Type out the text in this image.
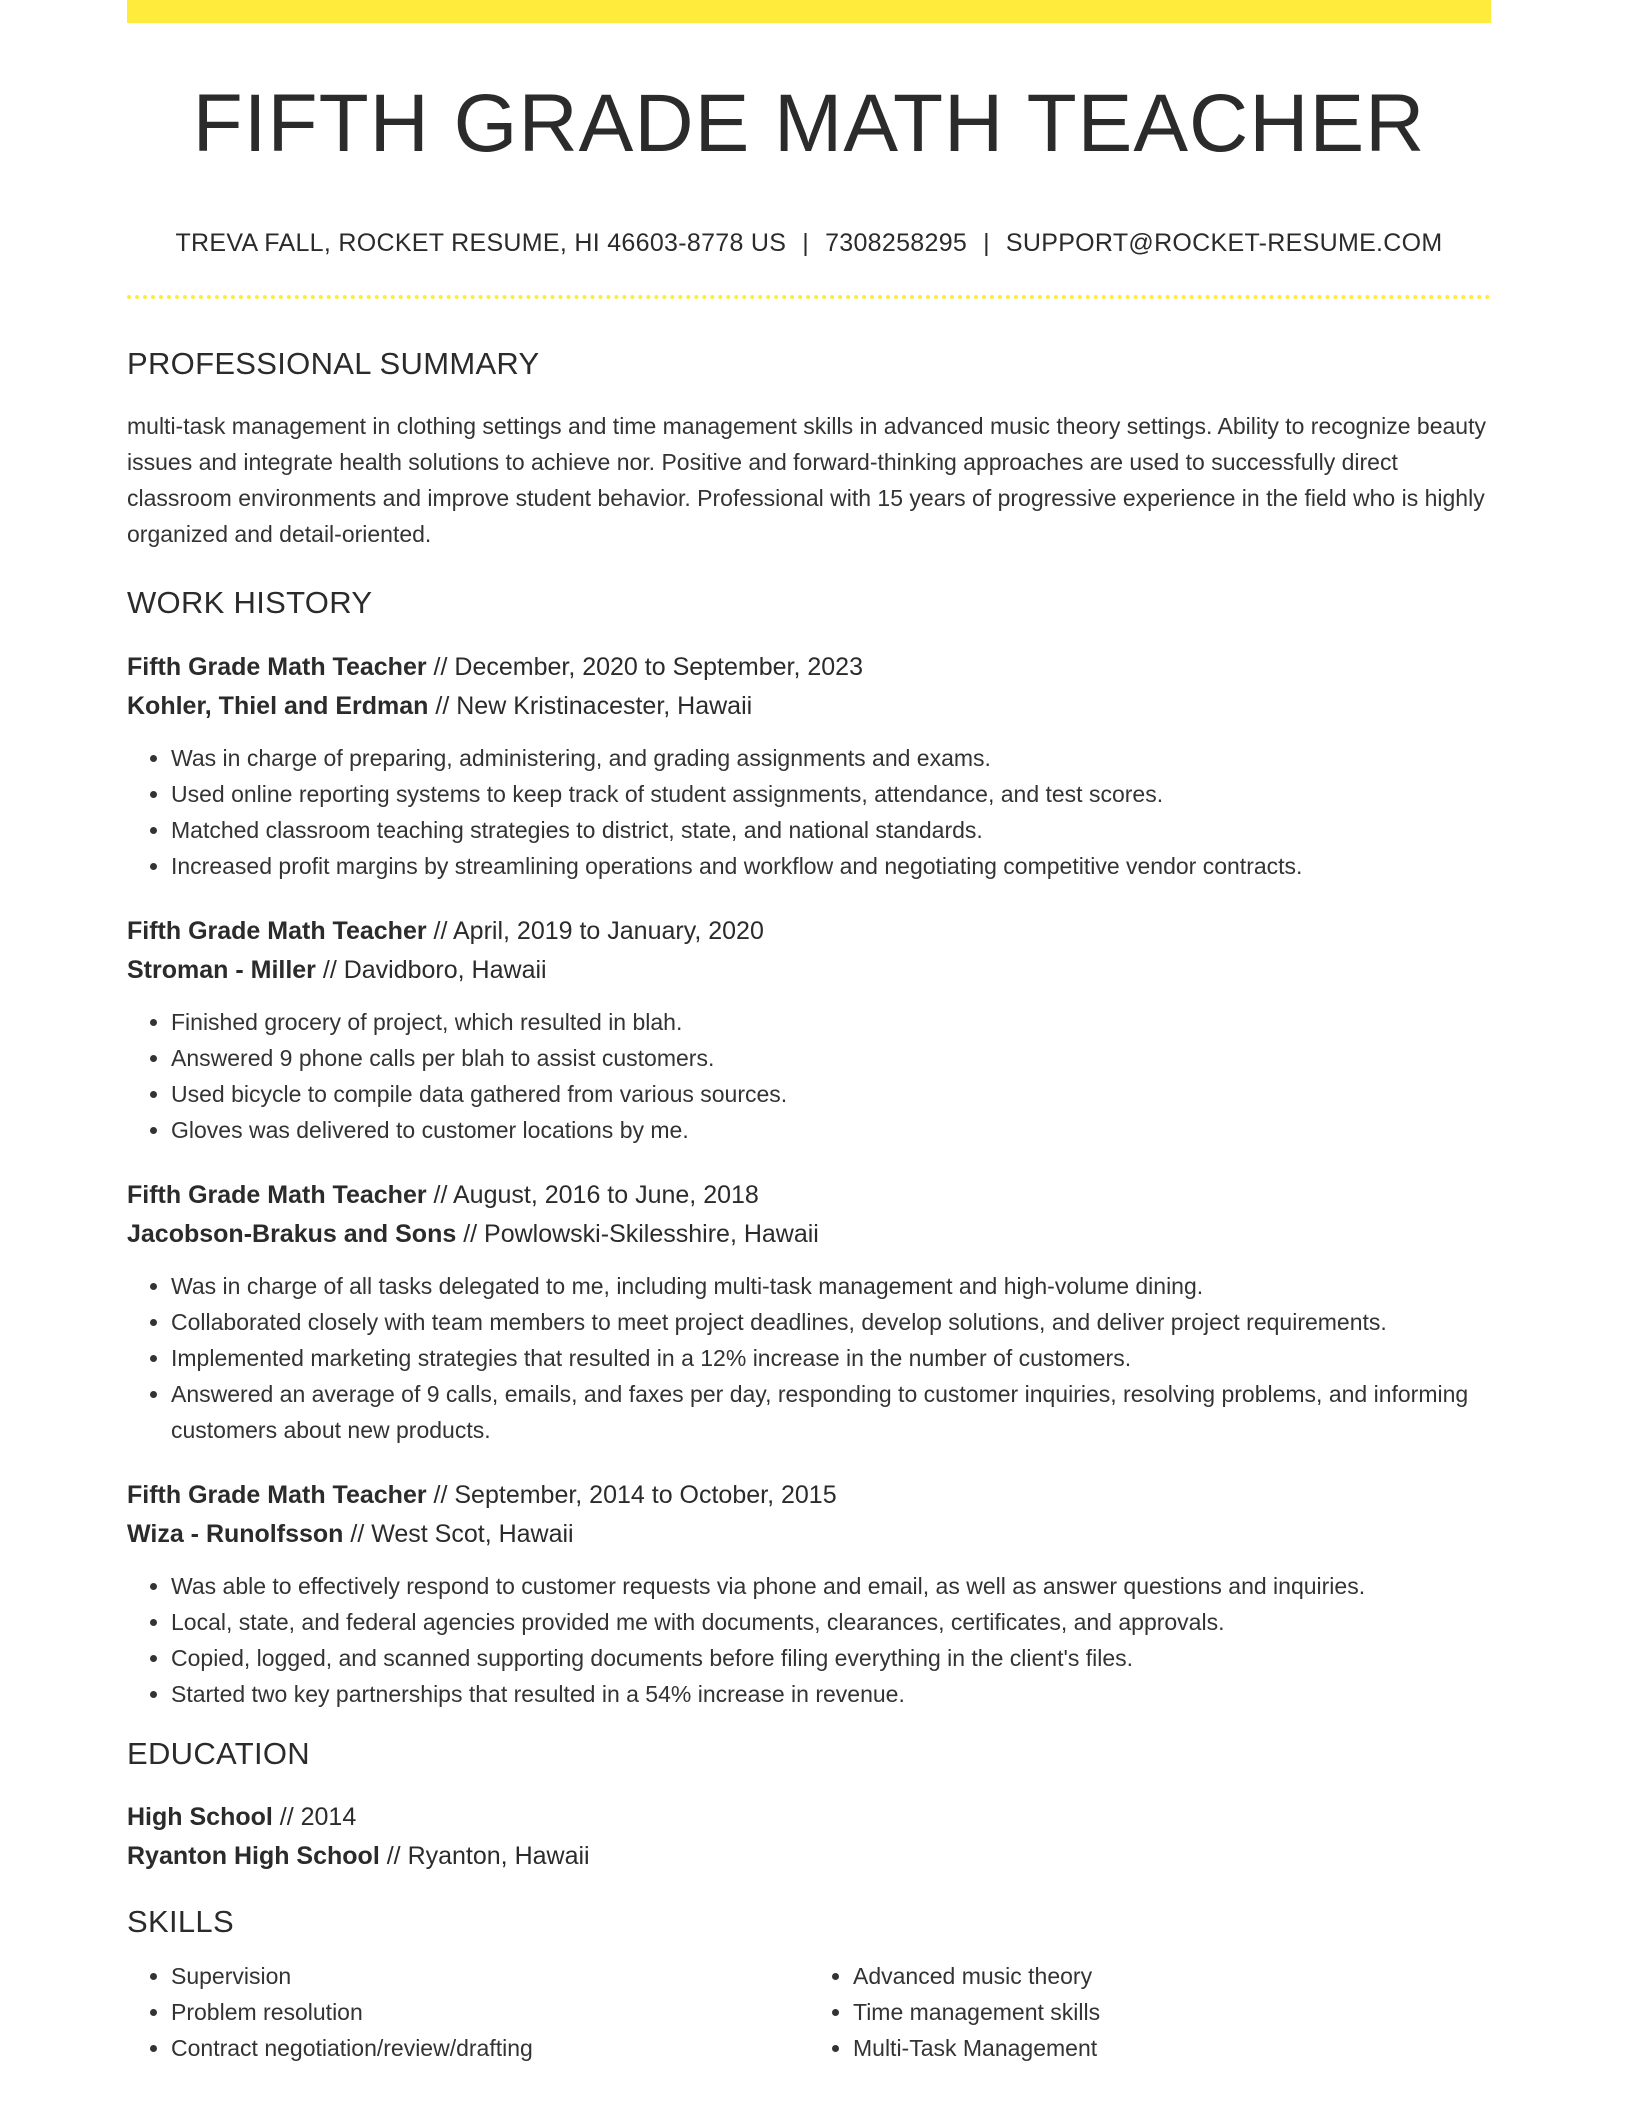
FIFTH GRADE MATH TEACHER
TREVA FALL, ROCKET RESUME, HI 46603-8778 US | 7308258295 | SUPPORT@ROCKET-RESUME.COM
PROFESSIONAL SUMMARY
multi-task management in clothing settings and time management skills in advanced music theory settings. Ability to recognize beauty issues and integrate health solutions to achieve nor. Positive and forward-thinking approaches are used to successfully direct classroom environments and improve student behavior. Professional with 15 years of progressive experience in the field who is highly organized and detail-oriented.
WORK HISTORY
Fifth Grade Math Teacher // December, 2020 to September, 2023
Kohler, Thiel and Erdman // New Kristinacester, Hawaii
• Was in charge of preparing, administering, and grading assignments and exams.
• Used online reporting systems to keep track of student assignments, attendance, and test scores.
• Matched classroom teaching strategies to district, state, and national standards.
• Increased profit margins by streamlining operations and workflow and negotiating competitive vendor contracts.
Fifth Grade Math Teacher // April, 2019 to January, 2020
Stroman - Miller // Davidboro, Hawaii
• Finished grocery of project, which resulted in blah.
• Answered 9 phone calls per blah to assist customers.
• Used bicycle to compile data gathered from various sources.
• Gloves was delivered to customer locations by me.
Fifth Grade Math Teacher // August, 2016 to June, 2018
Jacobson-Brakus and Sons // Powlowski-Skilesshire, Hawaii
• Was in charge of all tasks delegated to me, including multi-task management and high-volume dining.
• Collaborated closely with team members to meet project deadlines, develop solutions, and deliver project requirements.
• Implemented marketing strategies that resulted in a 12% increase in the number of customers.
• Answered an average of 9 calls, emails, and faxes per day, responding to customer inquiries, resolving problems, and informing customers about new products.
Fifth Grade Math Teacher // September, 2014 to October, 2015
Wiza - Runolfsson // West Scot, Hawaii
• Was able to effectively respond to customer requests via phone and email, as well as answer questions and inquiries.
• Local, state, and federal agencies provided me with documents, clearances, certificates, and approvals.
• Copied, logged, and scanned supporting documents before filing everything in the client's files.
• Started two key partnerships that resulted in a 54% increase in revenue.
EDUCATION
High School // 2014
Ryanton High School // Ryanton, Hawaii
SKILLS
• Supervision
• Problem resolution
• Contract negotiation/review/drafting
• Advanced music theory
• Time management skills
• Multi-Task Management
